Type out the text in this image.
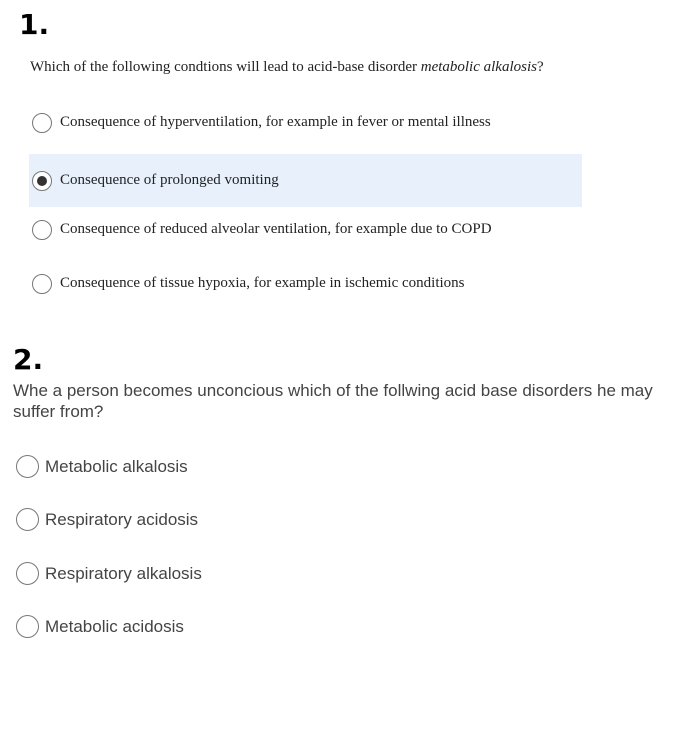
1.
Which of the following condtions will lead to acid-base disorder metabolic alkalosis?
Consequence of hyperventilation, for example in fever or mental illness
Consequence of prolonged vomiting
Consequence of reduced alveolar ventilation, for example due to COPD
Consequence of tissue hypoxia, for example in ischemic conditions
2.
Whe a person becomes unconcious which of the follwing acid base disorders he may suffer from?
Metabolic alkalosis
Respiratory acidosis
Respiratory alkalosis
Metabolic acidosis
